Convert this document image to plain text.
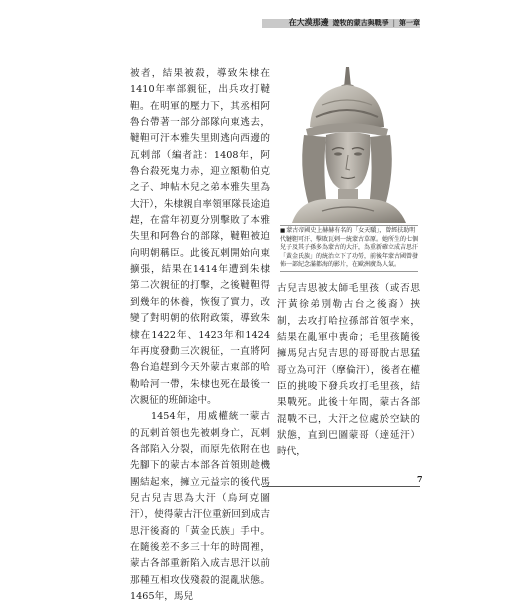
在大漠那邊 遊牧的蒙古與戰爭 | 第一章

被者，結果被殺，導致朱棣在1410年率部親征，出兵攻打韃靼。在明軍的壓力下，其丞相阿魯台帶著一部分部隊向東逃去，韃靼可汗本雅失里則逃向西邊的瓦剌部（編者註：1408年，阿魯台殺死鬼力赤，迎立額勒伯克之子、坤帖木兒之弟本雅失里為大汗），朱棣親自率領軍隊長途追趕，在當年初夏分別擊敗了本雅失里和阿魯台的部隊，韃靼被迫向明朝稱臣。此後瓦剌開始向東擴張，結果在1414年遭到朱棣第二次親征的打擊，之後韃靼得到幾年的休養，恢復了實力，改變了對明朝的依附政策，導致朱棣在1422年、1423年和1424年再度發動三次親征，一直將阿魯台追趕到今天外蒙古東部的哈勒哈河一帶，朱棣也死在最後一次親征的班師途中。
　　1454年，用威權統一蒙古的瓦剌首領也先被刺身亡，瓦剌各部陷入分裂，而原先依附在也先腳下的蒙古本部各首領則趁機團結起來，擁立元益宗的後代馬兒古兒吉思為大汗（烏珂克圖汗），使得蒙古汗位重新回到成吉思汗後裔的「黃金氏族」手中。在隨後差不多三十年的時間裡，蒙古各部重新陷入成吉思汗以前那種互相攻伐殘殺的混亂狀態。1465年，馬兒

■蒙古帝國史上赫赫有名的「女天驕」，曾經扶助明代韃靼可汗、擊敗瓦剌一統蒙古草原。她所生的七個兒子及其子孫多為蒙古的大汗，為重新確立成吉思汗「黃金氏族」的統治立下了功勞，前後年蒙古國曾發佈一部紀念滿都海的影片，在歐洲廣為人氣。

古兒吉思被太師毛里孩（或否思汗黃徐弟別勒古台之後裔）挾制，去攻打哈拉孫部首領孛來，結果在亂軍中喪命；毛里孩隨後擁馬兒古兒吉思的哥哥脫古思猛哥立為可汗（摩倫汗），後者在權臣的挑唆下發兵攻打毛里孩，結果戰死。此後十年間，蒙古各部混戰不已，大汗之位處於空缺的狀態，直到巴圖蒙哥（達延汗）時代，

7
